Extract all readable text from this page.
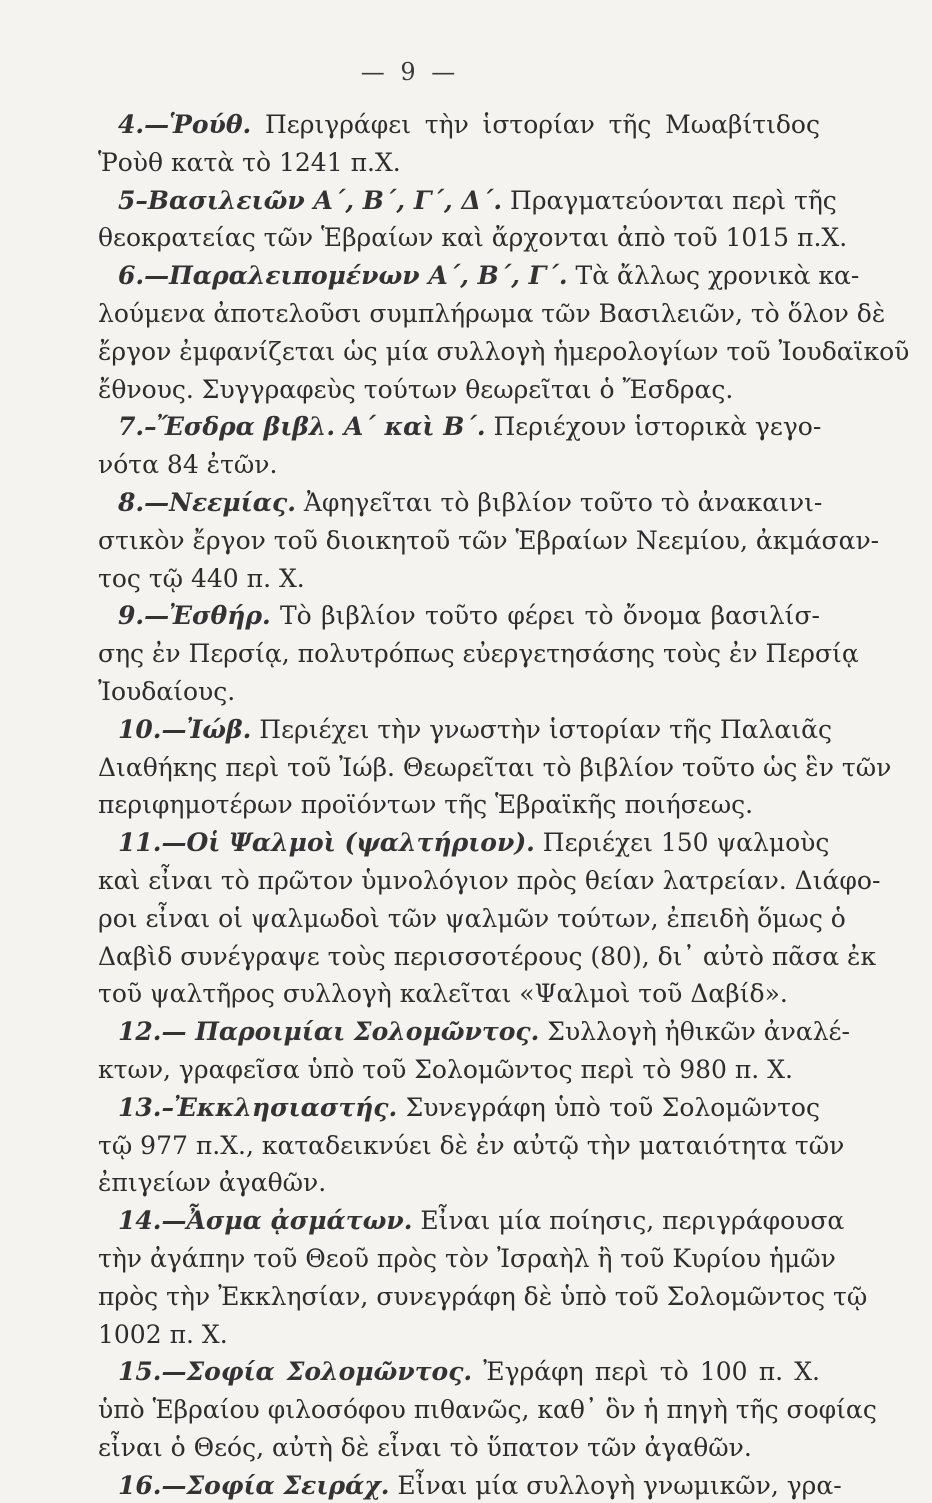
— 9 —
4.—Ῥούθ. Περιγράφει τὴν ἱστορίαν τῆς Μωαβίτιδος
Ῥοὺθ κατὰ τὸ 1241 π.Χ.
5–Βασιλειῶν Α΄, Β΄, Γ΄, Δ΄. Πραγματεύονται περὶ τῆς
θεοκρατείας τῶν Ἑβραίων καὶ ἄρχονται ἀπὸ τοῦ 1015 π.Χ.
6.—Παραλειπομένων Α΄, Β΄, Γ΄. Τὰ ἄλλως χρονικὰ κα-
λούμενα ἀποτελοῦσι συμπλήρωμα τῶν Βασιλειῶν, τὸ ὅλον δὲ
ἔργον ἐμφανίζεται ὡς μία συλλογὴ ἡμερολογίων τοῦ Ἰουδαϊκοῦ
ἔθνους. Συγγραφεὺς τούτων θεωρεῖται ὁ Ἔσδρας.
7.–Ἔσδρα βιβλ. Α΄ καὶ Β΄. Περιέχουν ἱστορικὰ γεγο-
νότα 84 ἐτῶν.
8.—Νεεμίας. Ἀφηγεῖται τὸ βιβλίον τοῦτο τὸ ἀνακαινι-
στικὸν ἔργον τοῦ διοικητοῦ τῶν Ἑβραίων Νεεμίου, ἀκμάσαν-
τος τῷ 440 π. Χ.
9.—Ἐσθήρ. Τὸ βιβλίον τοῦτο φέρει τὸ ὄνομα βασιλίσ-
σης ἐν Περσίᾳ, πολυτρόπως εὐεργετησάσης τοὺς ἐν Περσίᾳ
Ἰουδαίους.
10.—Ἰώβ. Περιέχει τὴν γνωστὴν ἱστορίαν τῆς Παλαιᾶς
Διαθήκης περὶ τοῦ Ἰώβ. Θεωρεῖται τὸ βιβλίον τοῦτο ὡς ἓν τῶν
περιφημοτέρων προϊόντων τῆς Ἑβραϊκῆς ποιήσεως.
11.—Οἱ Ψαλμοὶ (ψαλτήριον). Περιέχει 150 ψαλμοὺς
καὶ εἶναι τὸ πρῶτον ὑμνολόγιον πρὸς θείαν λατρείαν. Διάφο-
ροι εἶναι οἱ ψαλμωδοὶ τῶν ψαλμῶν τούτων, ἐπειδὴ ὅμως ὁ
Δαβὶδ συνέγραψε τοὺς περισσοτέρους (80), δι᾿ αὐτὸ πᾶσα ἐκ
τοῦ ψαλτῆρος συλλογὴ καλεῖται «Ψαλμοὶ τοῦ Δαβίδ».
12.— Παροιμίαι Σολομῶντος. Συλλογὴ ἠθικῶν ἀναλέ-
κτων, γραφεῖσα ὑπὸ τοῦ Σολομῶντος περὶ τὸ 980 π. Χ.
13.–Ἐκκλησιαστής. Συνεγράφη ὑπὸ τοῦ Σολομῶντος
τῷ 977 π.Χ., καταδεικνύει δὲ ἐν αὐτῷ τὴν ματαιότητα τῶν
ἐπιγείων ἀγαθῶν.
14.—Ἆσμα ᾀσμάτων. Εἶναι μία ποίησις, περιγράφουσα
τὴν ἀγάπην τοῦ Θεοῦ πρὸς τὸν Ἰσραὴλ ἢ τοῦ Κυρίου ἡμῶν
πρὸς τὴν Ἐκκλησίαν, συνεγράφη δὲ ὑπὸ τοῦ Σολομῶντος τῷ
1002 π. Χ.
15.—Σοφία Σολομῶντος. Ἐγράφη περὶ τὸ 100 π. Χ.
ὑπὸ Ἑβραίου φιλοσόφου πιθανῶς, καθ᾿ ὃν ἡ πηγὴ τῆς σοφίας
εἶναι ὁ Θεός, αὐτὴ δὲ εἶναι τὸ ὕπατον τῶν ἀγαθῶν.
16.—Σοφία Σειράχ. Εἶναι μία συλλογὴ γνωμικῶν, γρα-
